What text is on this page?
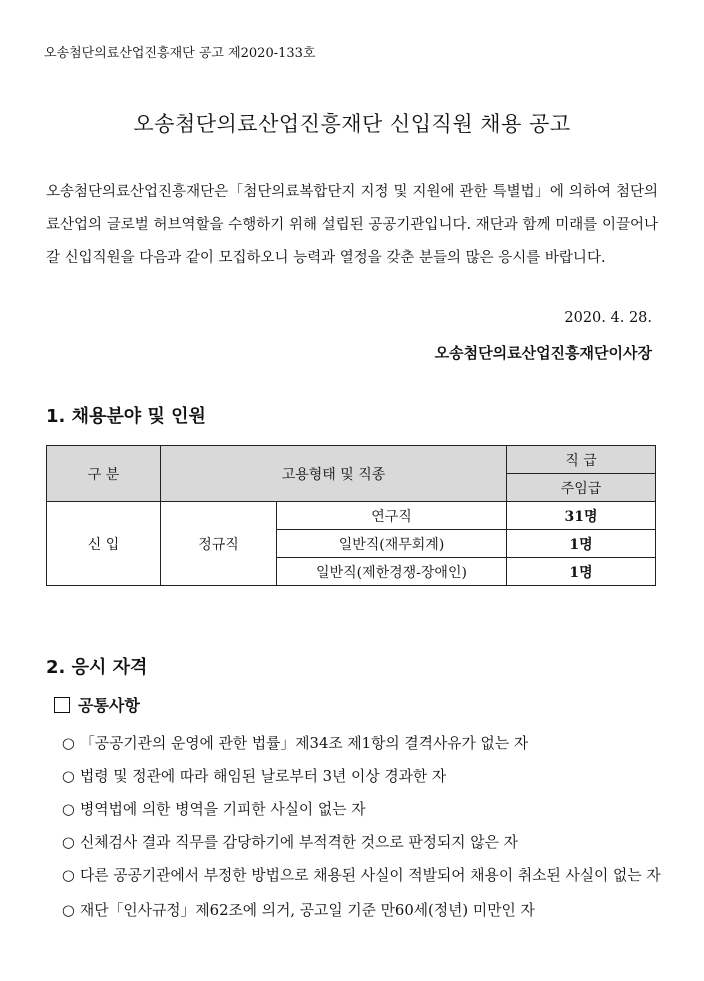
오송첨단의료산업진흥재단 공고 제2020-133호
오송첨단의료산업진흥재단 신입직원 채용 공고
오송첨단의료산업진흥재단은「첨단의료복합단지 지정 및 지원에 관한 특별법」에 의하여 첨단의료산업의 글로벌 허브역할을 수행하기 위해 설립된 공공기관입니다. 재단과 함께 미래를 이끌어나갈 신입직원을 다음과 같이 모집하오니 능력과 열정을 갖춘 분들의 많은 응시를 바랍니다.
2020. 4. 28.
오송첨단의료산업진흥재단이사장
1. 채용분야 및 인원
구 분	고용형태 및 직종		직 급
			주임급
신 입	정규직	연구직	31명
		일반직(재무회계)	1명
		일반직(제한경쟁-장애인)	1명
2. 응시 자격
공통사항
○ 「공공기관의 운영에 관한 법률」제34조 제1항의 결격사유가 없는 자
○ 법령 및 정관에 따라 해임된 날로부터 3년 이상 경과한 자
○ 병역법에 의한 병역을 기피한 사실이 없는 자
○ 신체검사 결과 직무를 감당하기에 부적격한 것으로 판정되지 않은 자
○ 다른 공공기관에서 부정한 방법으로 채용된 사실이 적발되어 채용이 취소된 사실이 없는 자
○ 재단「인사규정」제62조에 의거, 공고일 기준 만60세(정년) 미만인 자
